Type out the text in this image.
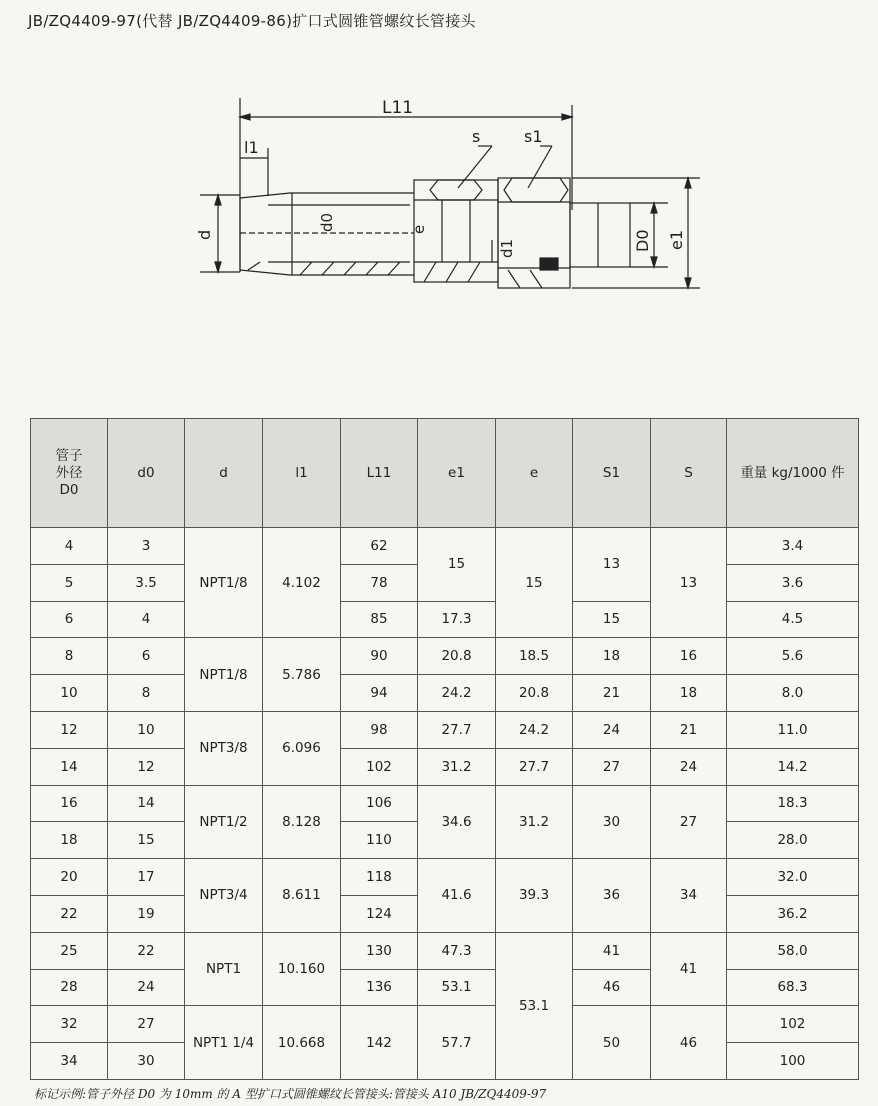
JB/ZQ4409-97(代替 JB/ZQ4409-86)扩口式圆锥管螺纹长管接头
L11
l1
s	s1
d
d0	e
d1	D0 e1
管子
外径
D0	d0	d	l1	L11	e1	e	S1	S	重量 kg/1000 件
4	3	NPT1/8	4.102	62	15	15	13	13	3.4
5	3.5			78					3.6
6	4			85	17.3		15		4.5
8	6	NPT1/8	5.786	90	20.8	18.5	18	16	5.6
10	8			94	24.2	20.8	21	18	8.0
12	10	NPT3/8	6.096	98	27.7	24.2	24	21	11.0
14	12			102	31.2	27.7	27	24	14.2
16	14	NPT1/2	8.128	106	34.6	31.2	30	27	18.3
18	15			110					28.0
20	17	NPT3/4	8.611	118	41.6	39.3	36	34	32.0
22	19			124					36.2
25	22	NPT1	10.160	130	47.3	53.1	41	41	58.0
28	24			136	53.1		46		68.3
32	27	NPT1 1/4	10.668	142	57.7		50	46	102
34	30								100
标记示例:管子外径 D0 为 10mm 的 A 型扩口式圆锥螺纹长管接头:管接头 A10 JB/ZQ4409-97
